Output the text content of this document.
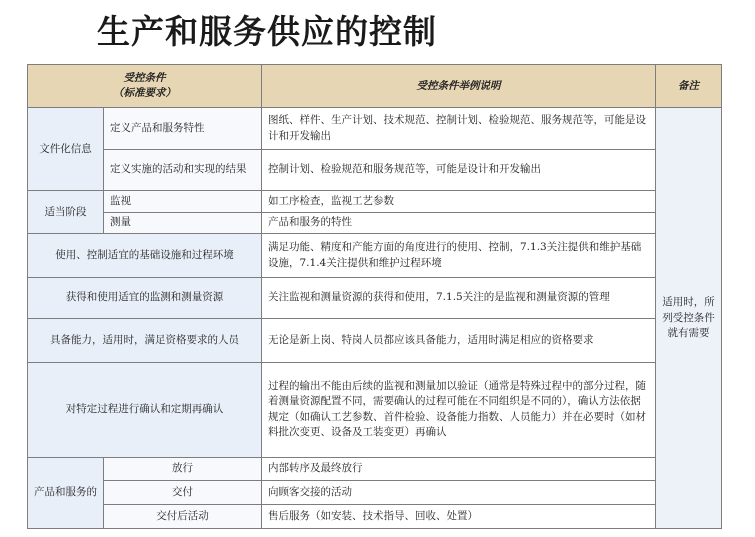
生产和服务供应的控制
受控条件
（标准要求）		受控条件举例说明	备注
文件化信息	定义产品和服务特性	图纸、样件、生产计划、技术规范、控制计划、检验规范、服务规范等，可能是设计和开发输出	适用时，所列受控条件就有需要
	定义实施的活动和实现的结果	控制计划、检验规范和服务规范等，可能是设计和开发输出	
适当阶段	监视	如工序检查，监视工艺参数	
	测量	产品和服务的特性	
使用、控制适宜的基础设施和过程环境		满足功能、精度和产能方面的角度进行的使用、控制，7.1.3关注提供和维护基础设施，7.1.4关注提供和维护过程环境	
获得和使用适宜的监测和测量资源		关注监视和测量资源的获得和使用，7.1.5关注的是监视和测量资源的管理	
具备能力，适用时，满足资格要求的人员		无论是新上岗、特岗人员都应该具备能力，适用时满足相应的资格要求	
对特定过程进行确认和定期再确认		过程的输出不能由后续的监视和测量加以验证（通常是特殊过程中的部分过程，随着测量资源配置不同，需要确认的过程可能在不同组织是不同的），确认方法依据规定（如确认工艺参数、首件检验、设备能力指数、人员能力）并在必要时（如材料批次变更、设备及工装变更）再确认	
产品和服务的	放行	内部转序及最终放行	
	交付	向顾客交接的活动	
	交付后活动	售后服务（如安装、技术指导、回收、处置）	
